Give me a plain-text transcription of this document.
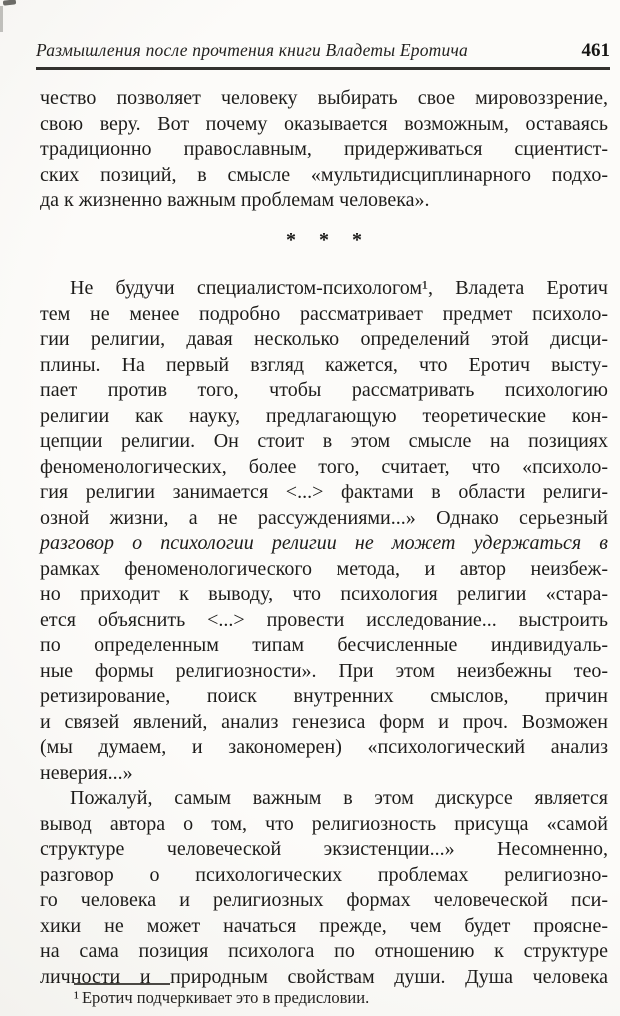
Размышления после прочтения книги Владеты Еротича	461
чество позволяет человеку выбирать свое мировоззрение,
свою веру. Вот почему оказывается возможным, оставаясь
традиционно православным, придерживаться сциентист-
ских позиций, в смысле «мультидисциплинарного подхо-
да к жизненно важным проблемам человека».
* * *
Не будучи специалистом-психологом¹, Владета Еротич
тем не менее подробно рассматривает предмет психоло-
гии религии, давая несколько определений этой дисци-
плины. На первый взгляд кажется, что Еротич высту-
пает против того, чтобы рассматривать психологию
религии как науку, предлагающую теоретические кон-
цепции религии. Он стоит в этом смысле на позициях
феноменологических, более того, считает, что «психоло-
гия религии занимается <...> фактами в области религи-
озной жизни, а не рассуждениями...» Однако серьезный
разговор о психологии религии не может удержаться в
рамках феноменологического метода, и автор неизбеж-
но приходит к выводу, что психология религии «стара-
ется объяснить <...> провести исследование... выстроить
по определенным типам бесчисленные индивидуаль-
ные формы религиозности». При этом неизбежны тео-
ретизирование, поиск внутренних смыслов, причин
и связей явлений, анализ генезиса форм и проч. Возможен
(мы думаем, и закономерен) «психологический анализ
неверия...»
Пожалуй, самым важным в этом дискурсе является
вывод автора о том, что религиозность присуща «самой
структуре человеческой экзистенции...» Несомненно,
разговор о психологических проблемах религиозно-
го человека и религиозных формах человеческой пси-
хики не может начаться прежде, чем будет проясне-
на сама позиция психолога по отношению к структуре
личности и природным свойствам души. Душа человека
¹ Еротич подчеркивает это в предисловии.
